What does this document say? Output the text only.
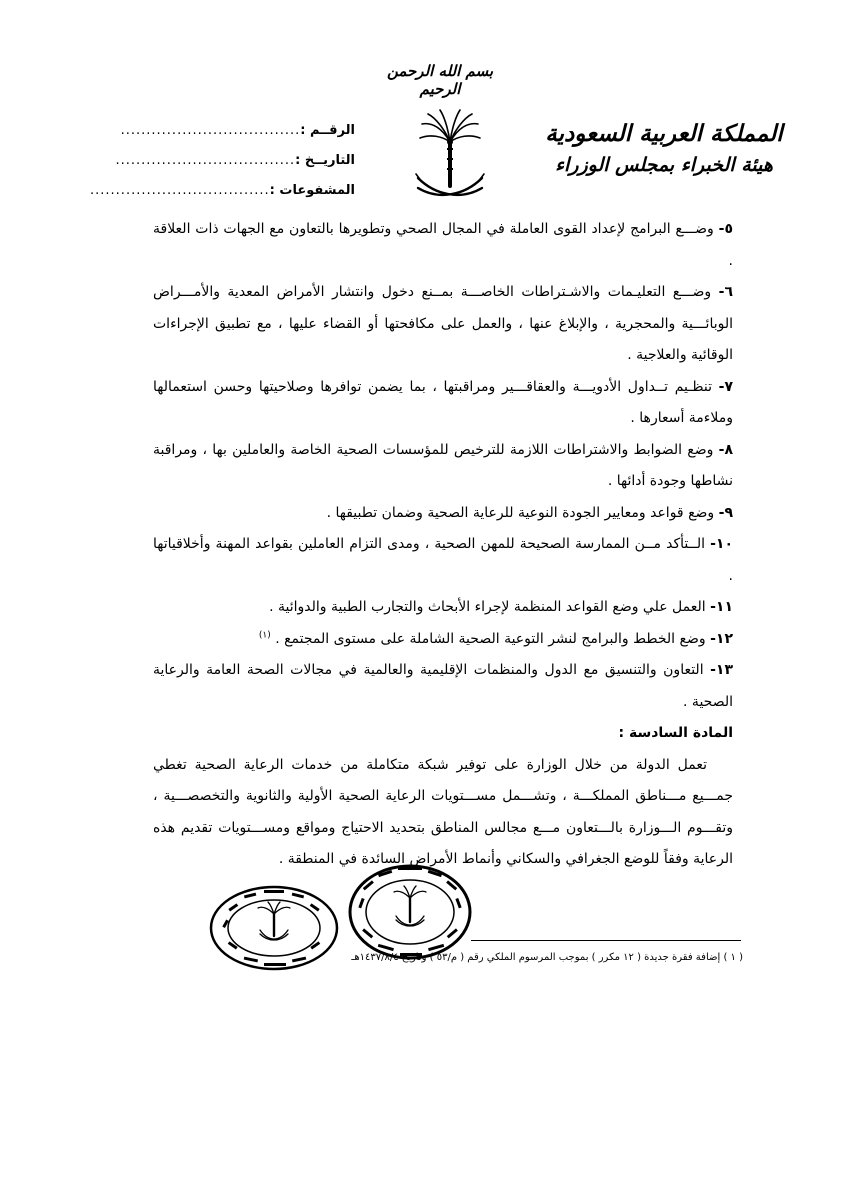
بسم الله الرحمن الرحيم
المملكة العربية السعودية
هيئة الخبراء بمجلس الوزراء
الرقــم :
...................................
التاريــخ :
...................................
المشفوعات :
...................................

٥- وضـــع البرامج لإعداد القوى العاملة في المجال الصحي وتطويرها بالتعاون مع الجهات ذات العلاقة .

٦- وضـــع التعليـمات والاشـتراطات الخاصـــة بمــنع دخول وانتشار الأمراض المعدية والأمـــراض الوبائـــية والمحجرية ، والإبلاغ عنها ، والعمل على مكافحتها أو القضاء عليها ، مع تطبيق الإجراءات الوقائية والعلاجية .

٧- تنظـيم تــداول الأدويـــة والعقاقـــير ومراقبتها ، بما يضمن توافرها وصلاحيتها وحسن استعمالها وملاءمة أسعارها .

٨- وضع الضوابط والاشتراطات اللازمة للترخيص للمؤسسات الصحية الخاصة والعاملين بها ، ومراقبة نشاطها وجودة أدائها .

٩- وضع قواعد ومعايير الجودة النوعية للرعاية الصحية وضمان تطبيقها .

١٠- الــتأكد مــن الممارسة الصحيحة للمهن الصحية ، ومدى التزام العاملين بقواعد المهنة وأخلاقياتها .

١١- العمل علي وضع القواعد المنظمة لإجراء الأبحاث والتجارب الطبية والدوائية .

١٢- وضع الخطط والبرامج لنشر التوعية الصحية الشاملة على مستوى المجتمع . $^{(١)}$

١٣- التعاون والتنسيق مع الدول والمنظمات الإقليمية والعالمية في مجالات الصحة العامة والرعاية الصحية .

المادة السادسة :

تعمل الدولة من خلال الوزارة على توفير شبكة متكاملة من خدمات الرعاية الصحية تغطي جمـــيع مـــناطق المملكـــة ، وتشـــمل مســـتويات الرعاية الصحية الأولية والثانوية والتخصصـــية ، وتقـــوم الـــوزارة بالـــتعاون مـــع مجالس المناطق بتحديد الاحتياج ومواقع ومســـتويات تقديم هذه الرعاية وفقاً للوضع الجغرافي والسكاني وأنماط الأمراض السائدة في المنطقة .

( ١ ) إضافة فقرة جديدة ( ١٢ مكرر ) بموجب المرسوم الملكي رقم ( م/٥٣ ) وتاريخ ١٤٣٧/٨/٤هـ
